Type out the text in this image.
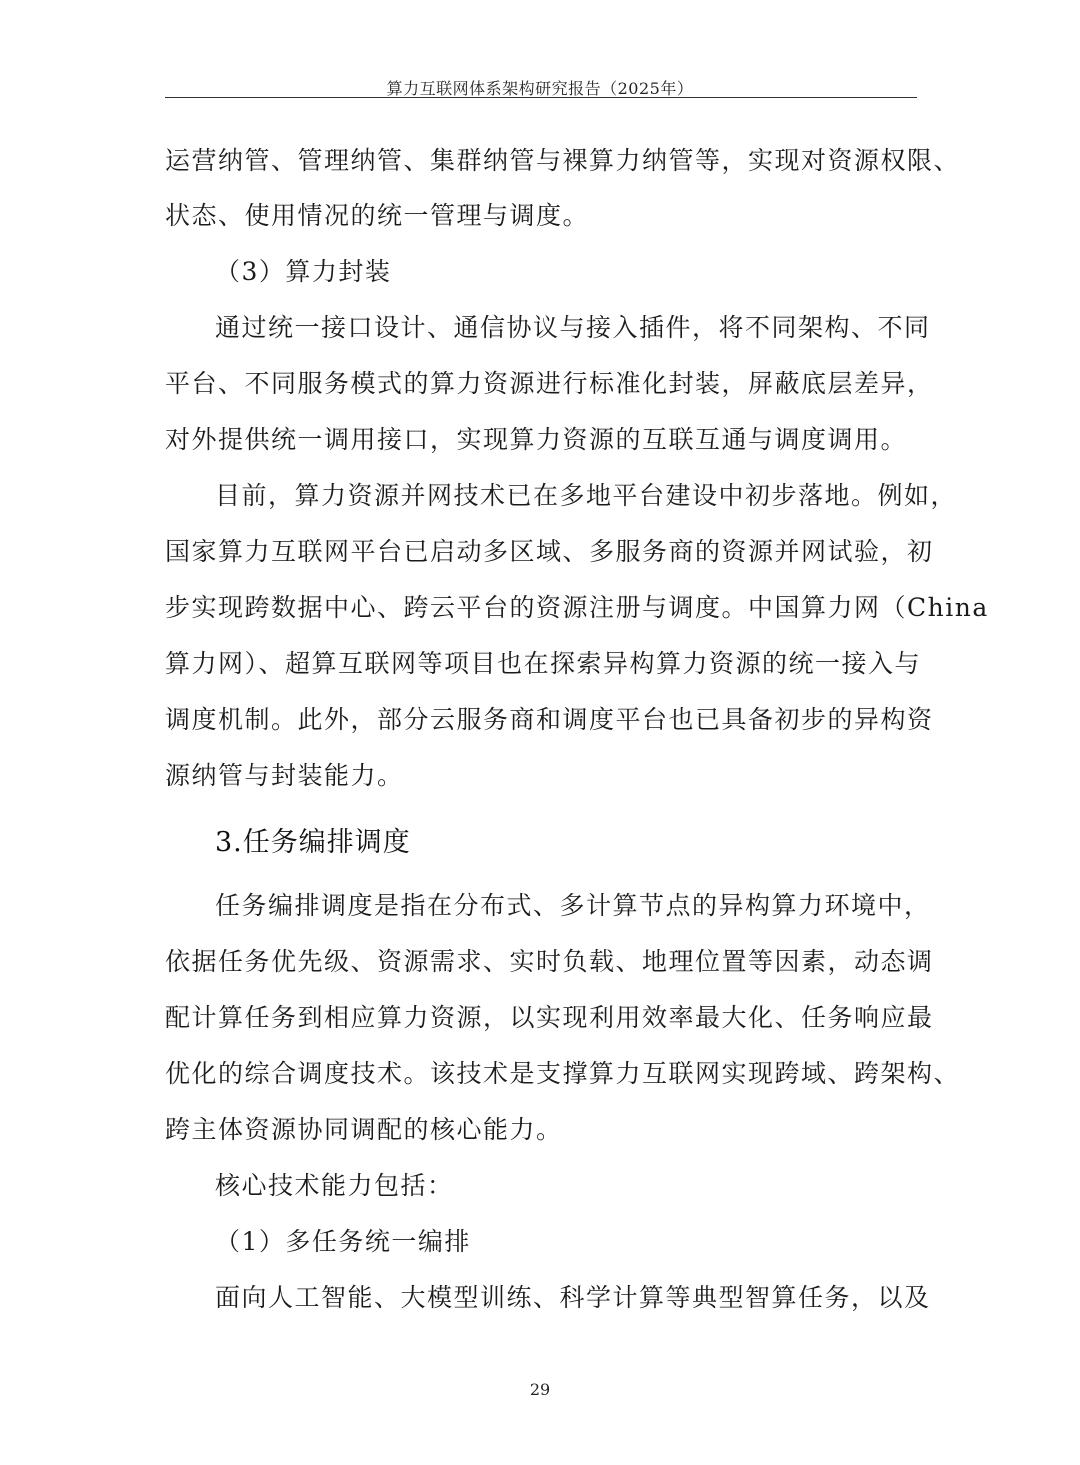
算力互联网体系架构研究报告（2025年）
运营纳管、管理纳管、集群纳管与裸算力纳管等，实现对资源权限、
状态、使用情况的统一管理与调度。
（3）算力封装
通过统一接口设计、通信协议与接入插件，将不同架构、不同
平台、不同服务模式的算力资源进行标准化封装，屏蔽底层差异，
对外提供统一调用接口，实现算力资源的互联互通与调度调用。
目前，算力资源并网技术已在多地平台建设中初步落地。例如，
国家算力互联网平台已启动多区域、多服务商的资源并网试验，初
步实现跨数据中心、跨云平台的资源注册与调度。中国算力网（China
算力网）、超算互联网等项目也在探索异构算力资源的统一接入与
调度机制。此外，部分云服务商和调度平台也已具备初步的异构资
源纳管与封装能力。
3.任务编排调度
任务编排调度是指在分布式、多计算节点的异构算力环境中，
依据任务优先级、资源需求、实时负载、地理位置等因素，动态调
配计算任务到相应算力资源，以实现利用效率最大化、任务响应最
优化的综合调度技术。该技术是支撑算力互联网实现跨域、跨架构、
跨主体资源协同调配的核心能力。
核心技术能力包括：
（1）多任务统一编排
面向人工智能、大模型训练、科学计算等典型智算任务，以及
29
